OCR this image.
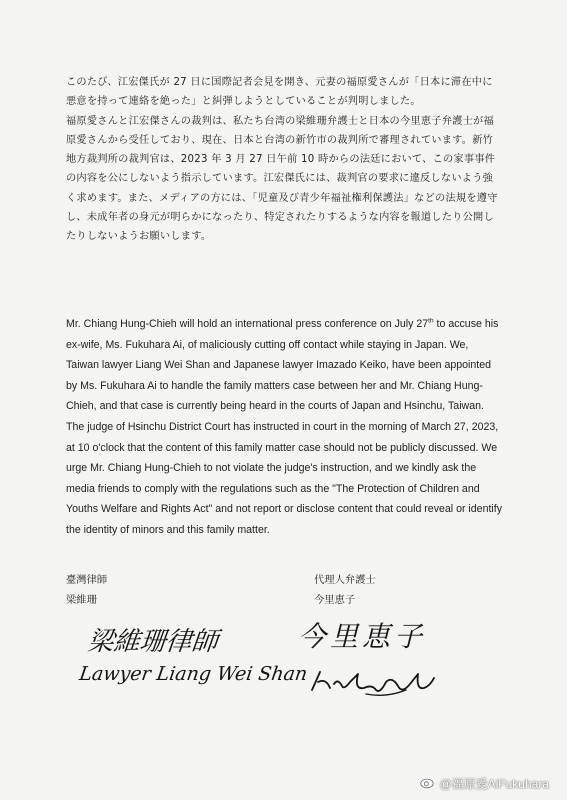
このたび、江宏傑氏が 27 日に国際記者会見を開き、元妻の福原愛さんが「日本に滞在中に悪意を持って連絡を絶った」と糾弾しようとしていることが判明しました。

福原愛さんと江宏傑さんの裁判は、私たち台湾の梁維珊弁護士と日本の今里恵子弁護士が福原愛さんから受任しており、現在、日本と台湾の新竹市の裁判所で審理されています。新竹地方裁判所の裁判官は、2023 年 3 月 27 日午前 10 時からの法廷において、この家事事件の内容を公にしないよう指示しています。江宏傑氏には、裁判官の要求に違反しないよう強く求めます。また、メディアの方には、「児童及び青少年福祉権利保護法」などの法規を遵守し、未成年者の身元が明らかになったり、特定されたりするような内容を報道したり公開したりしないようお願いします。

Mr. Chiang Hung-Chieh will hold an international press conference on July 27th to accuse his ex-wife, Ms. Fukuhara Ai, of maliciously cutting off contact while staying in Japan. We, Taiwan lawyer Liang Wei Shan and Japanese lawyer Imazado Keiko, have been appointed by Ms. Fukuhara Ai to handle the family matters case between her and Mr. Chiang Hung-Chieh, and that case is currently being heard in the courts of Japan and Hsinchu, Taiwan. The judge of Hsinchu District Court has instructed in court in the morning of March 27, 2023, at 10 o'clock that the content of this family matter case should not be publicly discussed. We urge Mr. Chiang Hung-Chieh to not violate the judge's instruction, and we kindly ask the media friends to comply with the regulations such as the "The Protection of Children and Youths Welfare and Rights Act" and not report or disclose content that could reveal or identify the identity of minors and this family matter.

臺灣律師

梁維珊

代理人弁護士

今里恵子

梁維珊律師
Lawyer Liang Wei Shan
今里恵子
@福原爱AiFukuhara
